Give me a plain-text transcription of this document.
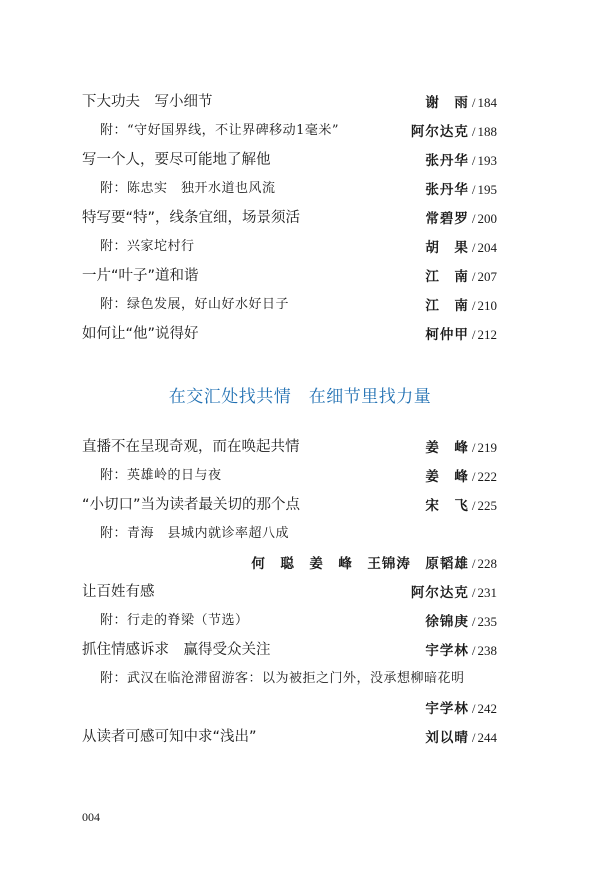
下大功夫　写小细节	谢　雨 / 184
附：“守好国界线，不让界碑移动1毫米”	阿尔达克 / 188
写一个人，要尽可能地了解他	张丹华 / 193
附：陈忠实　独开水道也风流	张丹华 / 195
特写要“特”，线条宜细，场景须活	常碧罗 / 200
附：兴家坨村行	胡　果 / 204
一片“叶子”道和谐	江　南 / 207
附：绿色发展，好山好水好日子	江　南 / 210
如何让“他”说得好	柯仲甲 / 212
在交汇处找共情　在细节里找力量
直播不在呈现奇观，而在唤起共情	姜　峰 / 219
附：英雄岭的日与夜	姜　峰 / 222
“小切口”当为读者最关切的那个点	宋　飞 / 225
附：青海　县城内就诊率超八成
何　聪　姜　峰　王锦涛　原韬雄 / 228
让百姓有感	阿尔达克 / 231
附：行走的脊梁（节选）	徐锦庚 / 235
抓住情感诉求　赢得受众关注	宇学林 / 238
附：武汉在临沧滞留游客：以为被拒之门外，没承想柳暗花明
宇学林 / 242
从读者可感可知中求“浅出”	刘以晴 / 244
004
